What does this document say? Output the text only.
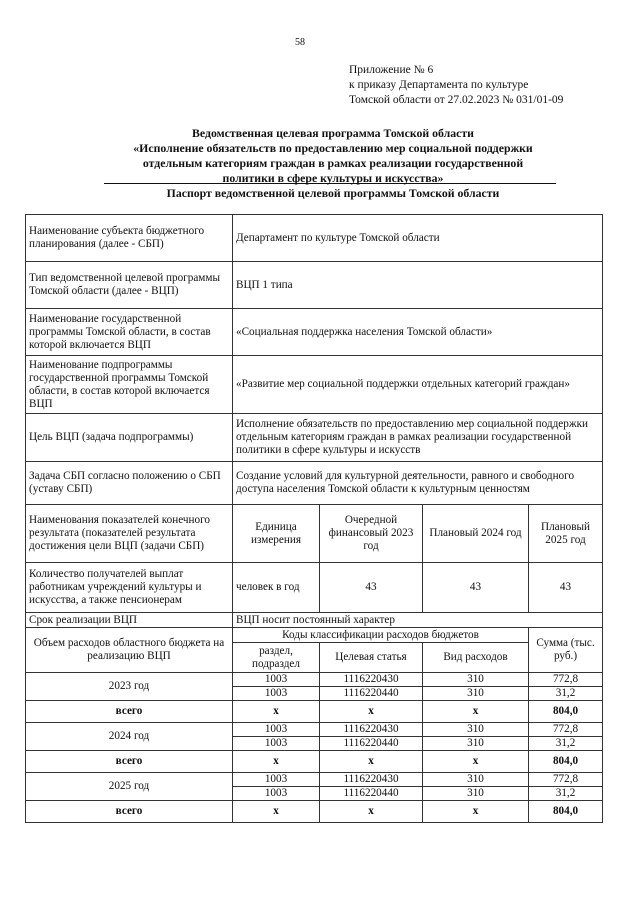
58
Приложение № 6
к приказу Департамента по культуре
Томской области от 27.02.2023 № 031/01-09
Ведомственная целевая программа Томской области
«Исполнение обязательств по предоставлению мер социальной поддержки
отдельным категориям граждан в рамках реализации государственной
политики в сфере культуры и искусства»
Паспорт ведомственной целевой программы Томской области
Наименование субъекта бюджетного планирования (далее - СБП)	Департамент по культуре Томской области			
Тип ведомственной целевой программы Томской области (далее - ВЦП)	ВЦП 1 типа			
Наименование государственной программы Томской области, в состав которой включается ВЦП	«Социальная поддержка населения Томской области»			
Наименование подпрограммы государственной программы Томской области, в состав которой включается ВЦП	«Развитие мер социальной поддержки отдельных категорий граждан»			
Цель ВЦП (задача подпрограммы)	Исполнение обязательств по предоставлению мер социальной поддержки отдельным категориям граждан в рамках реализации государственной политики в сфере культуры и искусств			
Задача СБП согласно положению о СБП (уставу СБП)	Создание условий для культурной деятельности, равного и свободного доступа населения Томской области к культурным ценностям			
Наименования показателей конечного результата (показателей результата достижения цели ВЦП (задачи СБП)	Единица измерения	Очередной финансовый 2023 год	Плановый 2024 год	Плановый 2025 год
Количество получателей выплат работникам учреждений культуры и искусства, а также пенсионерам	человек в год	43	43	43
Срок реализации ВЦП	ВЦП носит постоянный характер			
Объем расходов областного бюджета на реализацию ВЦП	Коды классификации расходов бюджетов			Сумма (тыс. руб.)
	раздел, подраздел	Целевая статья	Вид расходов	
2023 год	1003	1116220430	310	772,8
	1003	1116220440	310	31,2
всего	х	х	х	804,0
2024 год	1003	1116220430	310	772,8
	1003	1116220440	310	31,2
всего	х	х	х	804,0
2025 год	1003	1116220430	310	772,8
	1003	1116220440	310	31,2
всего	х	х	х	804,0
